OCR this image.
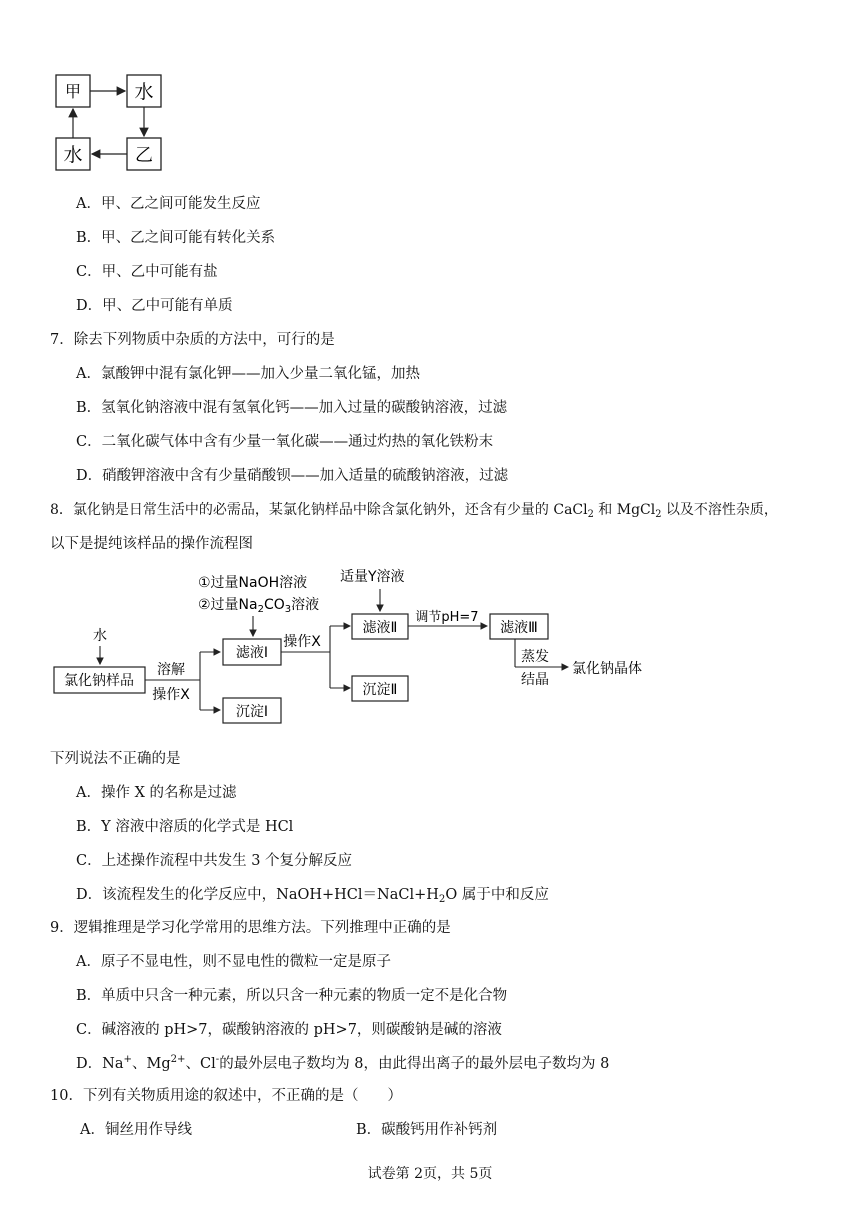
甲	水
水	乙
A．甲、乙之间可能发生反应
B．甲、乙之间可能有转化关系
C．甲、乙中可能有盐
D．甲、乙中可能有单质
7．除去下列物质中杂质的方法中，可行的是
A．氯酸钾中混有氯化钾——加入少量二氧化锰，加热
B．氢氧化钠溶液中混有氢氧化钙——加入过量的碳酸钠溶液，过滤
C．二氧化碳气体中含有少量一氧化碳——通过灼热的氧化铁粉末
D．硝酸钾溶液中含有少量硝酸钡——加入适量的硫酸钠溶液，过滤
8．氯化钠是日常生活中的必需品，某氯化钠样品中除含氯化钠外，还含有少量的 CaCl$_2$ 和 MgCl$_2$ 以及不溶性杂质，
以下是提纯该样品的操作流程图
水
氯化钠样品
溶解
操作X
①过量NaOH溶液
②过量$Na_2CO_3$溶液
滤液Ⅰ
沉淀Ⅰ
操作X
适量Y溶液
滤液Ⅱ
沉淀Ⅱ
调节pH=7
滤液Ⅲ
蒸发
结晶
氯化钠晶体
下列说法不正确的是
A．操作 X 的名称是过滤
B．Y 溶液中溶质的化学式是 HCl
C．上述操作流程中共发生 3 个复分解反应
D．该流程发生的化学反应中，$NaOH+HCl=NaCl+H_2O$ 属于中和反应
9．逻辑推理是学习化学常用的思维方法。下列推理中正确的是
A．原子不显电性，则不显电性的微粒一定是原子
B．单质中只含一种元素，所以只含一种元素的物质一定不是化合物
C．碱溶液的 pH>7，碳酸钠溶液的 pH>7，则碳酸钠是碱的溶液
D．Na+、$Mg^{2+}$、Cl-的最外层电子数均为 8，由此得出离子的最外层电子数均为 8
10．下列有关物质用途的叙述中，不正确的是（　　）
A．铜丝用作导线	B．碳酸钙用作补钙剂
试卷第 2页，共 5页
